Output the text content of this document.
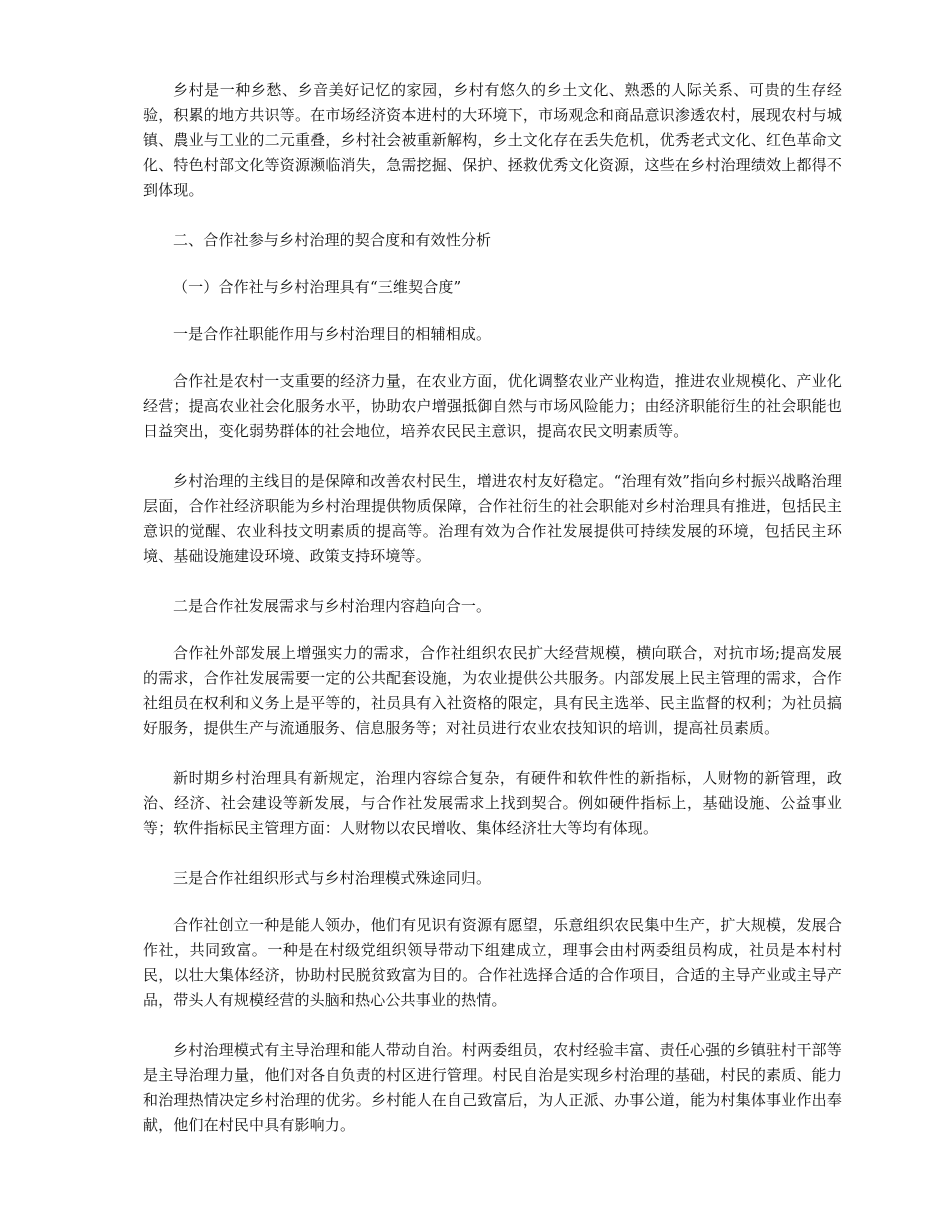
乡村是一种乡愁、乡音美好记忆的家园，乡村有悠久的乡土文化、熟悉的人际关系、可贵的生存经验，积累的地方共识等。在市场经济资本进村的大环境下，市场观念和商品意识渗透农村，展现农村与城镇、農业与工业的二元重叠，乡村社会被重新解构，乡土文化存在丢失危机，优秀老式文化、红色革命文化、特色村部文化等资源濒临消失，急需挖掘、保护、拯救优秀文化资源，这些在乡村治理绩效上都得不到体现。

二、合作社参与乡村治理的契合度和有效性分析

（一）合作社与乡村治理具有“三维契合度”

一是合作社职能作用与乡村治理目的相辅相成。

合作社是农村一支重要的经济力量，在农业方面，优化调整农业产业构造，推进农业规模化、产业化经营；提高农业社会化服务水平，协助农户增强抵御自然与市场风险能力；由经济职能衍生的社会职能也日益突出，变化弱势群体的社会地位，培养农民民主意识，提高农民文明素质等。

乡村治理的主线目的是保障和改善农村民生，增进农村友好稳定。“治理有效”指向乡村振兴战略治理层面，合作社经济职能为乡村治理提供物质保障，合作社衍生的社会职能对乡村治理具有推进，包括民主意识的觉醒、农业科技文明素质的提高等。治理有效为合作社发展提供可持续发展的环境，包括民主环境、基础设施建设环境、政策支持环境等。

二是合作社发展需求与乡村治理内容趋向合一。

合作社外部发展上增强实力的需求，合作社组织农民扩大经营规模，横向联合，对抗市场;提高发展的需求，合作社发展需要一定的公共配套设施，为农业提供公共服务。内部发展上民主管理的需求，合作社组员在权利和义务上是平等的，社员具有入社资格的限定，具有民主选举、民主监督的权利；为社员搞好服务，提供生产与流通服务、信息服务等；对社员进行农业农技知识的培训，提高社员素质。

新时期乡村治理具有新规定，治理内容综合复杂，有硬件和软件性的新指标，人财物的新管理，政治、经济、社会建设等新发展，与合作社发展需求上找到契合。例如硬件指标上，基础设施、公益事业等；软件指标民主管理方面：人财物以农民增收、集体经济壮大等均有体现。

三是合作社组织形式与乡村治理模式殊途同归。

合作社创立一种是能人领办，他们有见识有资源有愿望，乐意组织农民集中生产，扩大规模，发展合作社，共同致富。一种是在村级党组织领导带动下组建成立，理事会由村两委组员构成，社员是本村村民，以壮大集体经济，协助村民脱贫致富为目的。合作社选择合适的合作项目，合适的主导产业或主导产品，带头人有规模经营的头脑和热心公共事业的热情。

乡村治理模式有主导治理和能人带动自治。村两委组员，农村经验丰富、责任心强的乡镇驻村干部等是主导治理力量，他们对各自负责的村区进行管理。村民自治是实现乡村治理的基础，村民的素质、能力和治理热情决定乡村治理的优劣。乡村能人在自己致富后，为人正派、办事公道，能为村集体事业作出奉献，他们在村民中具有影响力。
